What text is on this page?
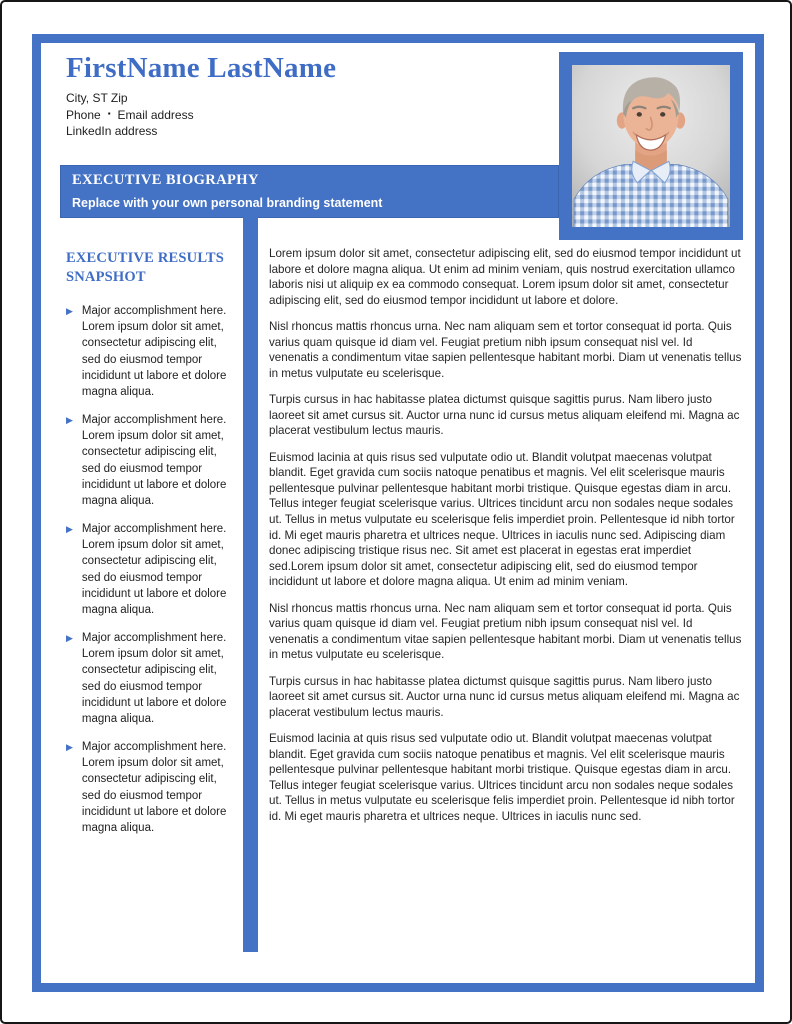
FirstName LastName
City, ST Zip
Phone ▪ Email address
LinkedIn address
EXECUTIVE BIOGRAPHY
Replace with your own personal branding statement
EXECUTIVE RESULTS SNAPSHOT
▶ Major accomplishment here. Lorem ipsum dolor sit amet, consectetur adipiscing elit, sed do eiusmod tempor incididunt ut labore et dolore magna aliqua.
▶ Major accomplishment here. Lorem ipsum dolor sit amet, consectetur adipiscing elit, sed do eiusmod tempor incididunt ut labore et dolore magna aliqua.
▶ Major accomplishment here. Lorem ipsum dolor sit amet, consectetur adipiscing elit, sed do eiusmod tempor incididunt ut labore et dolore magna aliqua.
▶ Major accomplishment here. Lorem ipsum dolor sit amet, consectetur adipiscing elit, sed do eiusmod tempor incididunt ut labore et dolore magna aliqua.
▶ Major accomplishment here. Lorem ipsum dolor sit amet, consectetur adipiscing elit, sed do eiusmod tempor incididunt ut labore et dolore magna aliqua.

Lorem ipsum dolor sit amet, consectetur adipiscing elit, sed do eiusmod tempor incididunt ut labore et dolore magna aliqua. Ut enim ad minim veniam, quis nostrud exercitation ullamco laboris nisi ut aliquip ex ea commodo consequat. Lorem ipsum dolor sit amet, consectetur adipiscing elit, sed do eiusmod tempor incididunt ut labore et dolore.

Nisl rhoncus mattis rhoncus urna. Nec nam aliquam sem et tortor consequat id porta. Quis varius quam quisque id diam vel. Feugiat pretium nibh ipsum consequat nisl vel. Id venenatis a condimentum vitae sapien pellentesque habitant morbi. Diam ut venenatis tellus in metus vulputate eu scelerisque.

Turpis cursus in hac habitasse platea dictumst quisque sagittis purus. Nam libero justo laoreet sit amet cursus sit. Auctor urna nunc id cursus metus aliquam eleifend mi. Magna ac placerat vestibulum lectus mauris.

Euismod lacinia at quis risus sed vulputate odio ut. Blandit volutpat maecenas volutpat blandit. Eget gravida cum sociis natoque penatibus et magnis. Vel elit scelerisque mauris pellentesque pulvinar pellentesque habitant morbi tristique. Quisque egestas diam in arcu. Tellus integer feugiat scelerisque varius. Ultrices tincidunt arcu non sodales neque sodales ut. Tellus in metus vulputate eu scelerisque felis imperdiet proin. Pellentesque id nibh tortor id. Mi eget mauris pharetra et ultrices neque. Ultrices in iaculis nunc sed. Adipiscing diam donec adipiscing tristique risus nec. Sit amet est placerat in egestas erat imperdiet sed.Lorem ipsum dolor sit amet, consectetur adipiscing elit, sed do eiusmod tempor incididunt ut labore et dolore magna aliqua. Ut enim ad minim veniam.

Nisl rhoncus mattis rhoncus urna. Nec nam aliquam sem et tortor consequat id porta. Quis varius quam quisque id diam vel. Feugiat pretium nibh ipsum consequat nisl vel. Id venenatis a condimentum vitae sapien pellentesque habitant morbi. Diam ut venenatis tellus in metus vulputate eu scelerisque.

Turpis cursus in hac habitasse platea dictumst quisque sagittis purus. Nam libero justo laoreet sit amet cursus sit. Auctor urna nunc id cursus metus aliquam eleifend mi. Magna ac placerat vestibulum lectus mauris.

Euismod lacinia at quis risus sed vulputate odio ut. Blandit volutpat maecenas volutpat blandit. Eget gravida cum sociis natoque penatibus et magnis. Vel elit scelerisque mauris pellentesque pulvinar pellentesque habitant morbi tristique. Quisque egestas diam in arcu. Tellus integer feugiat scelerisque varius. Ultrices tincidunt arcu non sodales neque sodales ut. Tellus in metus vulputate eu scelerisque felis imperdiet proin. Pellentesque id nibh tortor id. Mi eget mauris pharetra et ultrices neque. Ultrices in iaculis nunc sed.
